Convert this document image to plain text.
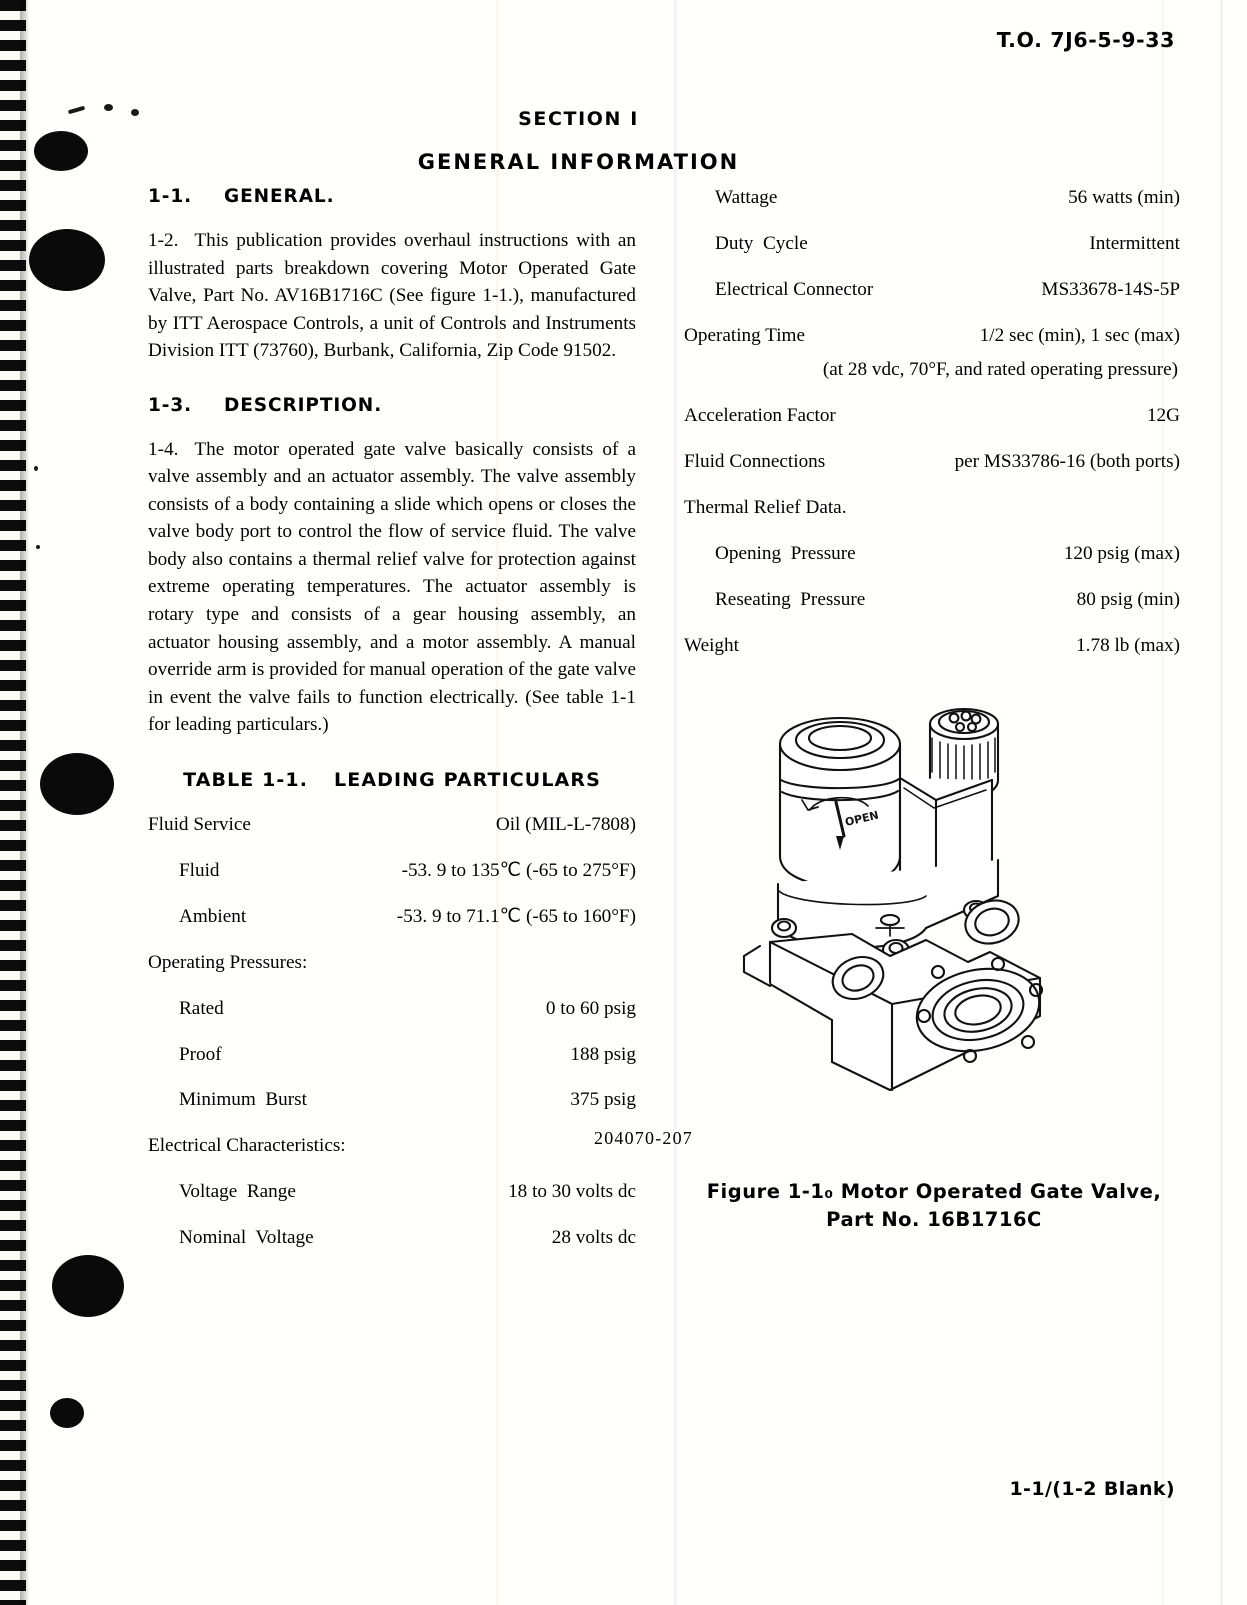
T.O. 7J6-5-9-33
SECTION I
GENERAL INFORMATION
1-1. GENERAL.

1-2. This publication provides overhaul instructions with an illustrated parts breakdown covering Motor Operated Gate Valve, Part No. AV16B1716C (See figure 1-1.), manufactured by ITT Aerospace Controls, a unit of Controls and Instruments Division ITT (73760), Burbank, California, Zip Code 91502.

1-3. DESCRIPTION.

1-4. The motor operated gate valve basically consists of a valve assembly and an actuator assembly. The valve assembly consists of a body containing a slide which opens or closes the valve body port to control the flow of service fluid. The valve body also contains a thermal relief valve for protection against extreme operating temperatures. The actuator assembly is rotary type and consists of a gear housing assembly, an actuator housing assembly, and a motor assembly. A manual override arm is provided for manual operation of the gate valve in event the valve fails to function electrically. (See table 1-1 for leading particulars.)

TABLE 1-1. LEADING PARTICULARS
Fluid Service	Oil (MIL-L-7808)
Fluid	-53. 9 to 135℃ (-65 to 275°F)
Ambient	-53. 9 to 71.1℃ (-65 to 160°F)
Operating Pressures:
Rated	0 to 60 psig
Proof	188 psig
Minimum  Burst	375 psig
Electrical Characteristics:
Voltage  Range	18 to 30 volts dc
Nominal  Voltage	28 volts dc
Wattage	56 watts (min)
Duty  Cycle	Intermittent
Electrical Connector	MS33678-14S-5P
Operating Time	1/2 sec (min), 1 sec (max)
(at 28 vdc, 70°F, and rated operating pressure)
Acceleration Factor	12G
Fluid Connections	per MS33786-16 (both ports)
Thermal Relief Data.
Opening  Pressure	120 psig (max)
Reseating  Pressure	80 psig (min)
Weight	1.78 lb (max)
OPEN
204070-207
Figure 1-1₀ Motor Operated Gate Valve,
Part No. 16B1716C
1-1/(1-2 Blank)
